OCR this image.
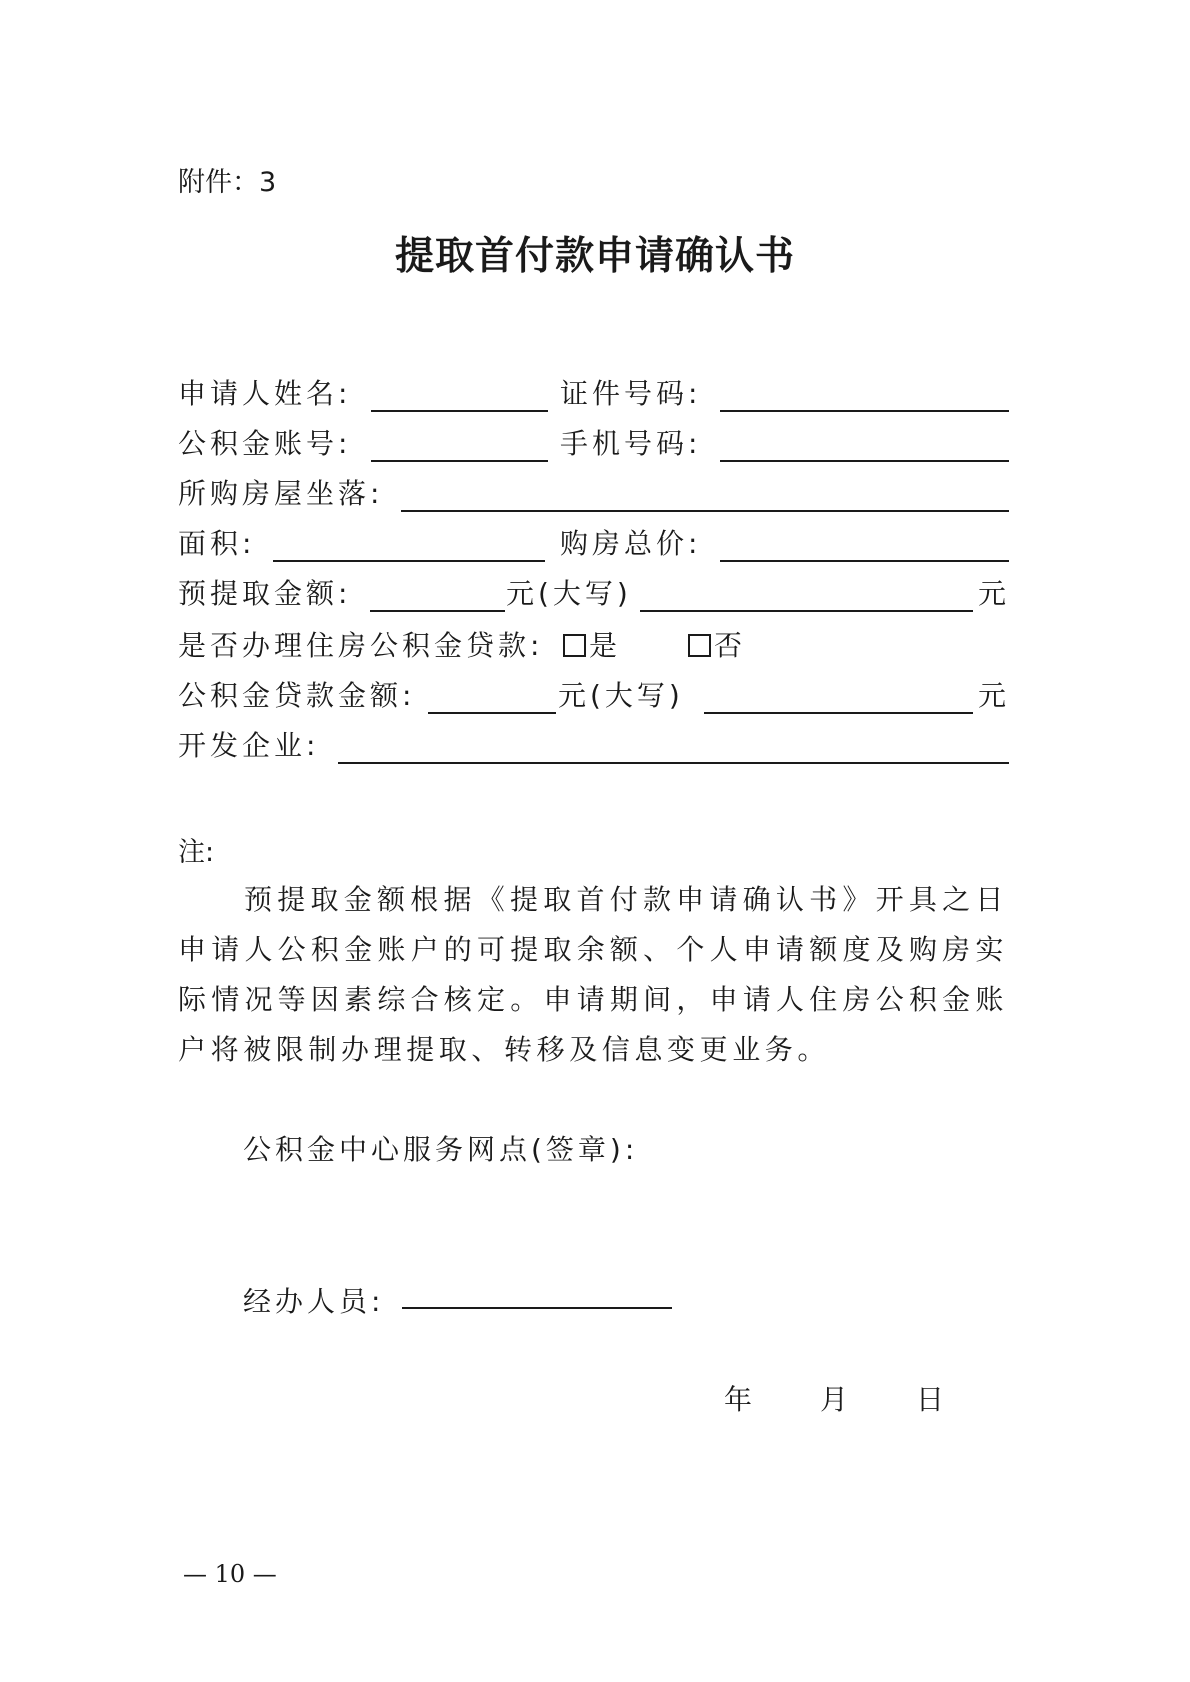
附件：3
提取首付款申请确认书
申请人姓名:	证件号码:
公积金账号:	手机号码:
所购房屋坐落:
面积:	购房总价:
预提取金额:	元(大写)	元
是否办理住房公积金贷款:	是	否
公积金贷款金额:	元(大写)	元
开发企业:
注:
预提取金额根据《提取首付款申请确认书》开具之日申请人公积金账户的可提取余额、个人申请额度及购房实际情况等因素综合核定。申请期间，申请人住房公积金账户将被限制办理提取、转移及信息变更业务。
公积金中心服务网点(签章):
经办人员:
年 月 日
— 10 —
